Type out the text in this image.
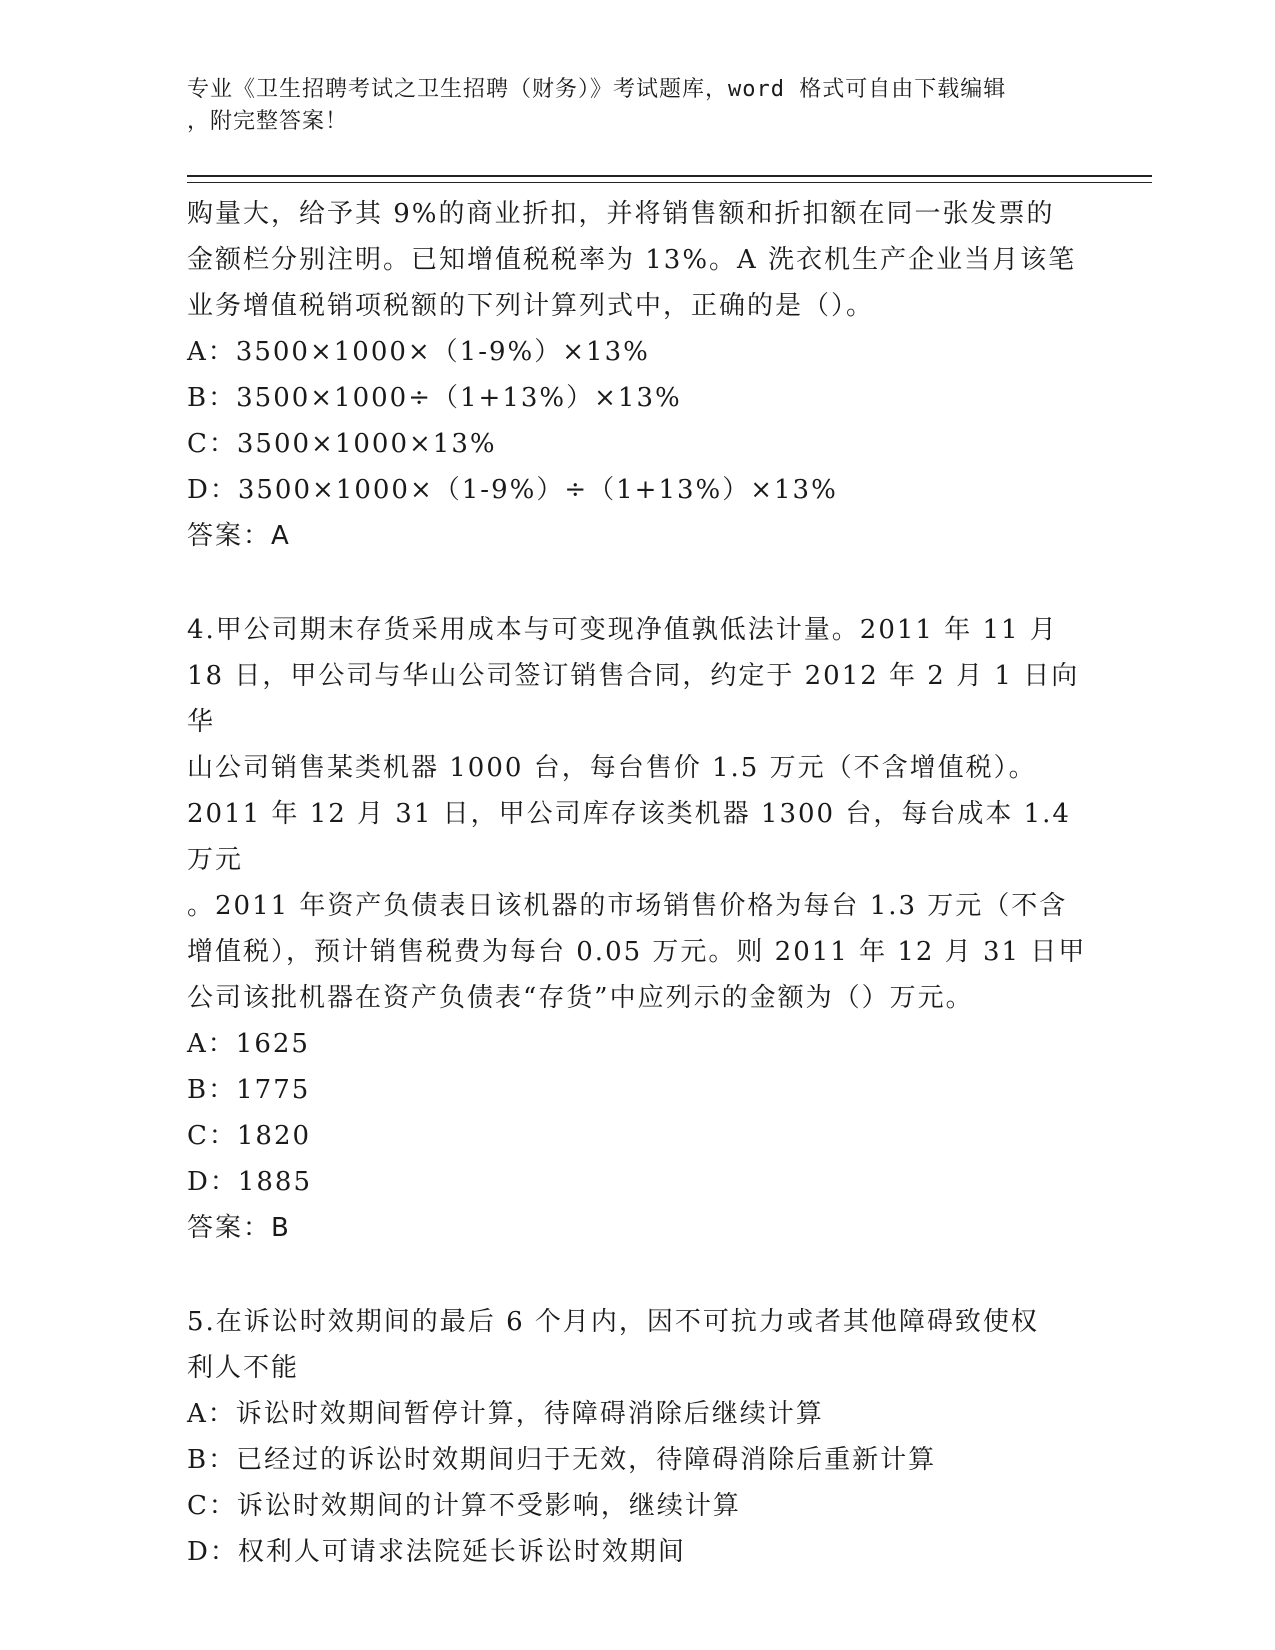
专业《卫生招聘考试之卫生招聘（财务）》考试题库，word 格式可自由下载编辑
，附完整答案！
购量大，给予其 9%的商业折扣，并将销售额和折扣额在同一张发票的
金额栏分别注明。已知增值税税率为 13%。A 洗衣机生产企业当月该笔
业务增值税销项税额的下列计算列式中，正确的是（）。
A：3500×1000×（1-9%）×13%
B：3500×1000÷（1+13%）×13%
C：3500×1000×13%
D：3500×1000×（1-9%）÷（1+13%）×13%
答案：A
4.甲公司期末存货采用成本与可变现净值孰低法计量。2011 年 11 月
18 日，甲公司与华山公司签订销售合同，约定于 2012 年 2 月 1 日向华
山公司销售某类机器 1000 台，每台售价 1.5 万元（不含增值税）。
2011 年 12 月 31 日，甲公司库存该类机器 1300 台，每台成本 1.4 万元
。2011 年资产负债表日该机器的市场销售价格为每台 1.3 万元（不含
增值税），预计销售税费为每台 0.05 万元。则 2011 年 12 月 31 日甲
公司该批机器在资产负债表“存货”中应列示的金额为（）万元。
A：1625
B：1775
C：1820
D：1885
答案：B
5.在诉讼时效期间的最后 6 个月内，因不可抗力或者其他障碍致使权
利人不能
A：诉讼时效期间暂停计算，待障碍消除后继续计算
B：已经过的诉讼时效期间归于无效，待障碍消除后重新计算
C：诉讼时效期间的计算不受影响，继续计算
D：权利人可请求法院延长诉讼时效期间
